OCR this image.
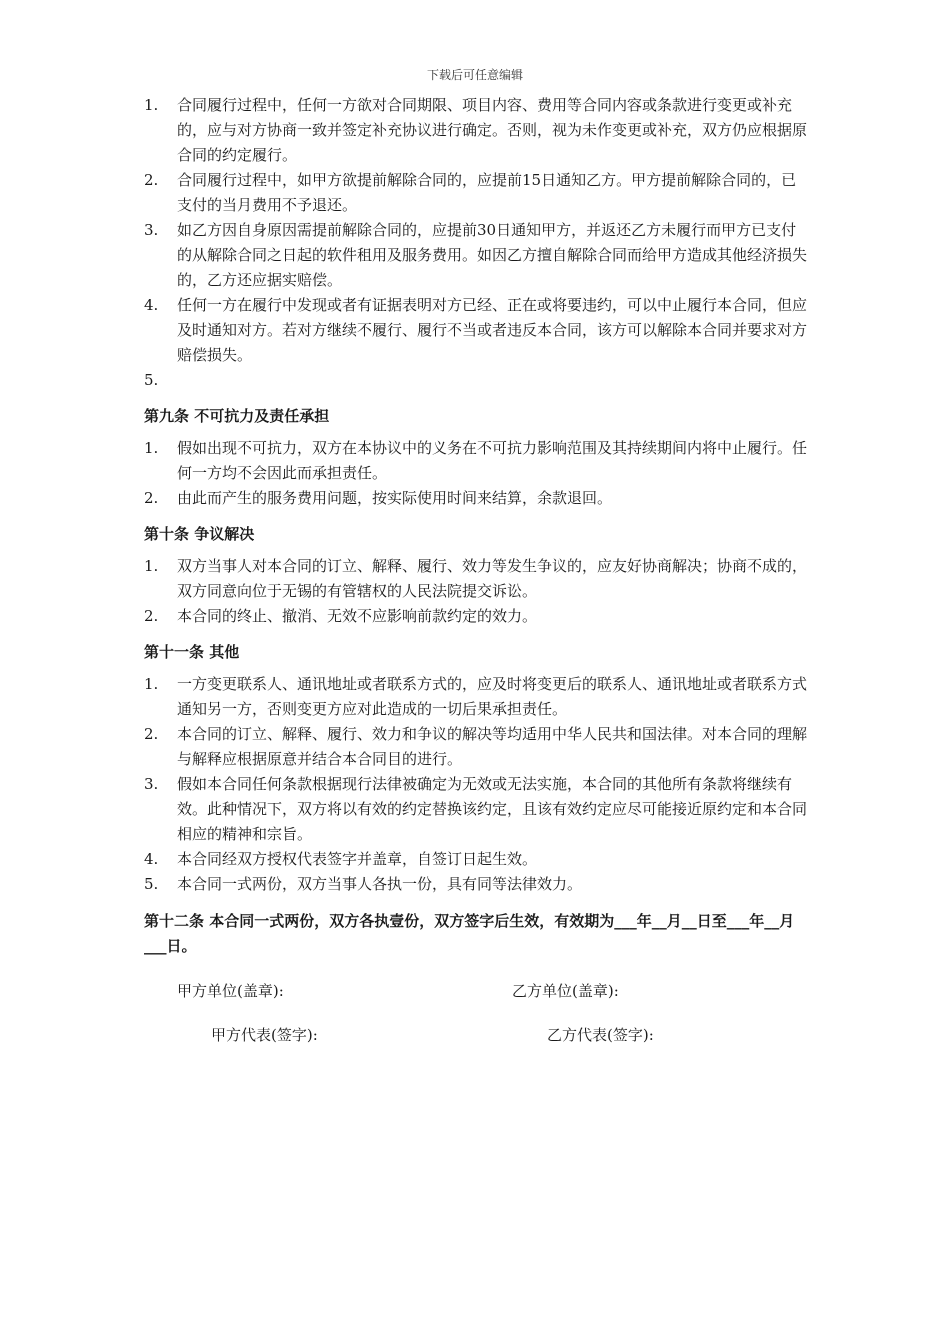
下载后可任意编辑
1. 合同履行过程中，任何一方欲对合同期限、项目内容、费用等合同内容或条款进行变更或补充的，应与对方协商一致并签定补充协议进行确定。否则，视为未作变更或补充，双方仍应根据原合同的约定履行。
2. 合同履行过程中，如甲方欲提前解除合同的，应提前15日通知乙方。甲方提前解除合同的，已支付的当月费用不予退还。
3. 如乙方因自身原因需提前解除合同的，应提前30日通知甲方，并返还乙方未履行而甲方已支付的从解除合同之日起的软件租用及服务费用。如因乙方擅自解除合同而给甲方造成其他经济损失的，乙方还应据实赔偿。
4. 任何一方在履行中发现或者有证据表明对方已经、正在或将要违约，可以中止履行本合同，但应及时通知对方。若对方继续不履行、履行不当或者违反本合同，该方可以解除本合同并要求对方赔偿损失。
5.

第九条 不可抗力及责任承担
1. 假如出现不可抗力，双方在本协议中的义务在不可抗力影响范围及其持续期间内将中止履行。任何一方均不会因此而承担责任。
2. 由此而产生的服务费用问题，按实际使用时间来结算，余款退回。
第十条 争议解决
1. 双方当事人对本合同的订立、解释、履行、效力等发生争议的，应友好协商解决；协商不成的，双方同意向位于无锡的有管辖权的人民法院提交诉讼。
2. 本合同的终止、撤消、无效不应影响前款约定的效力。
第十一条 其他
1. 一方变更联系人、通讯地址或者联系方式的，应及时将变更后的联系人、通讯地址或者联系方式通知另一方，否则变更方应对此造成的一切后果承担责任。
2. 本合同的订立、解释、履行、效力和争议的解决等均适用中华人民共和国法律。对本合同的理解与解释应根据原意并结合本合同目的进行。
3. 假如本合同任何条款根据现行法律被确定为无效或无法实施，本合同的其他所有条款将继续有效。此种情况下，双方将以有效的约定替换该约定，且该有效约定应尽可能接近原约定和本合同相应的精神和宗旨。
4. 本合同经双方授权代表签字并盖章，自签订日起生效。
5. 本合同一式两份，双方当事人各执一份，具有同等法律效力。
第十二条 本合同一式两份，双方各执壹份，双方签字后生效，有效期为___年__月__日至___年__月___日。
甲方单位(盖章):	乙方单位(盖章):
甲方代表(签字):	乙方代表(签字):
